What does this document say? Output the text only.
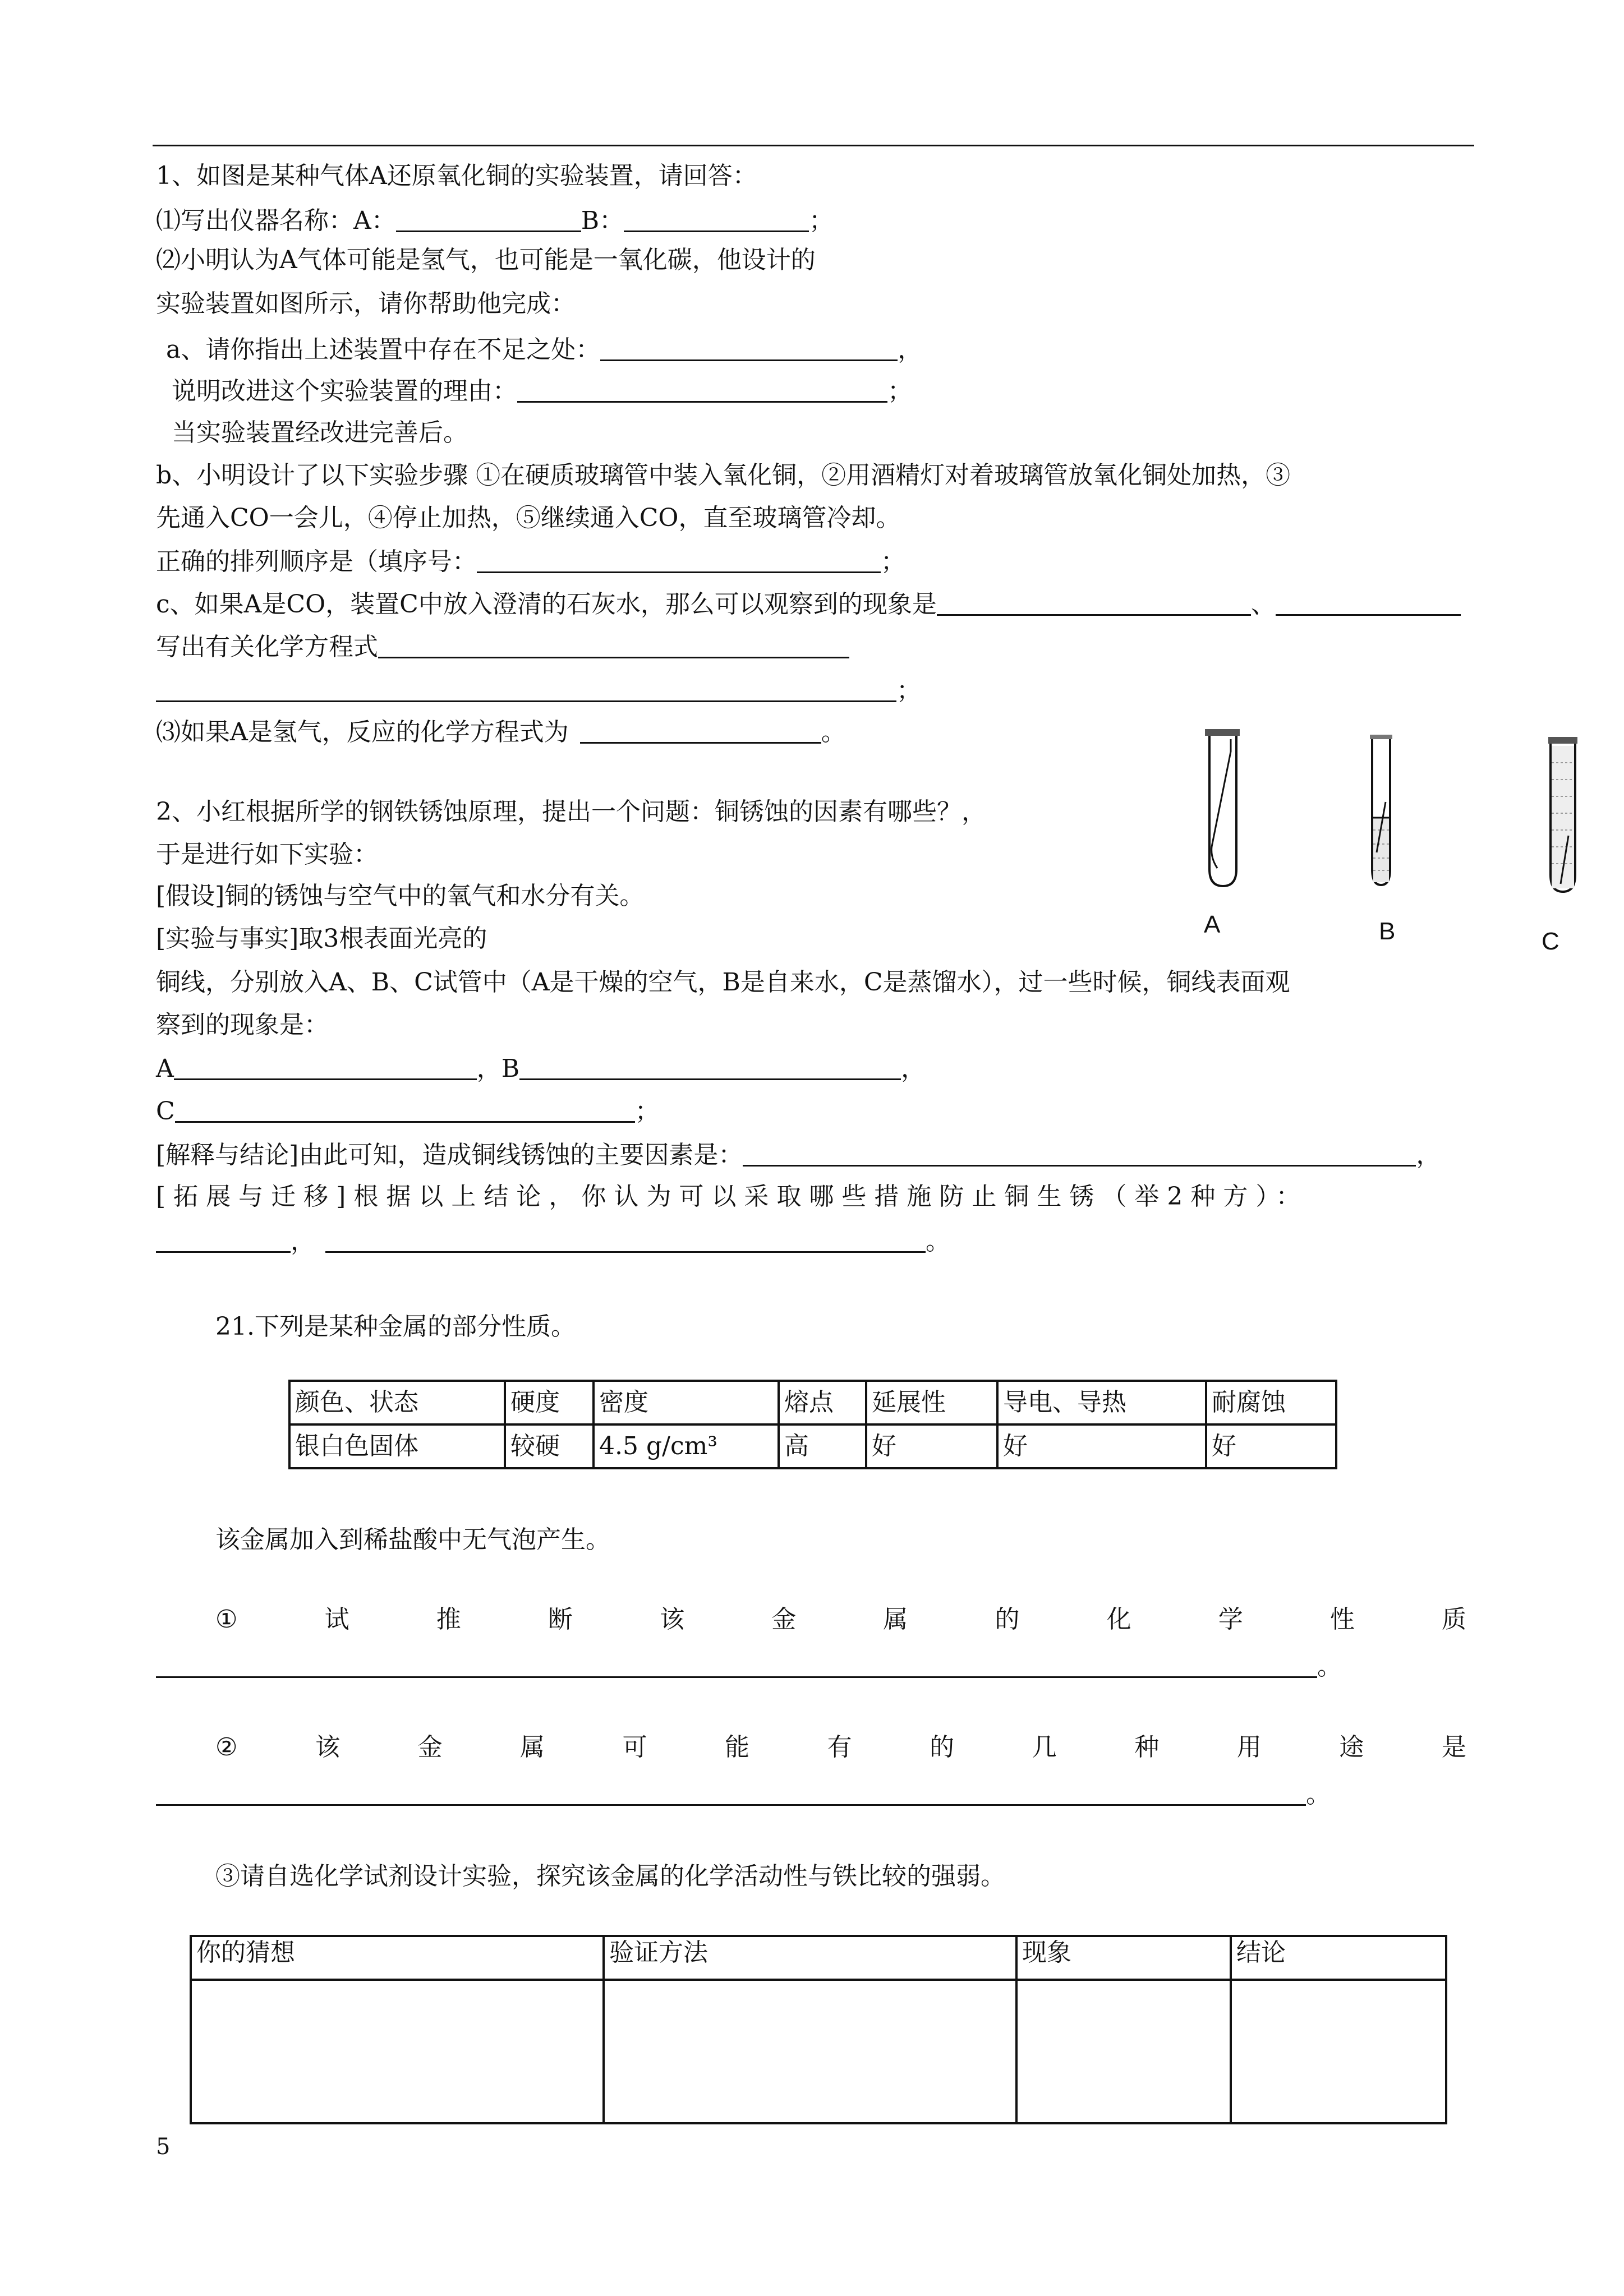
1、如图是某种气体A还原氧化铜的实验装置，请回答：
⑴写出仪器名称：A：	B：	；
⑵小明认为A气体可能是氢气，也可能是一氧化碳，他设计的
实验装置如图所示，请你帮助他完成：
a、请你指出上述装置中存在不足之处：	，
说明改进这个实验装置的理由：	；
当实验装置经改进完善后。
b、小明设计了以下实验步骤 ①在硬质玻璃管中装入氧化铜，②用酒精灯对着玻璃管放氧化铜处加热，③
先通入CO一会儿，④停止加热，⑤继续通入CO，直至玻璃管冷却。
正确的排列顺序是（填序号：	；
c、如果A是CO，装置C中放入澄清的石灰水，那么可以观察到的现象是	、
写出有关化学方程式
；
⑶如果A是氢气，反应的化学方程式为	。
A	B	C
2、小红根据所学的钢铁锈蚀原理，提出一个问题：铜锈蚀的因素有哪些？，
于是进行如下实验：
[假设]铜的锈蚀与空气中的氧气和水分有关。
[实验与事实]取3根表面光亮的
铜线，分别放入A、B、C试管中（A是干燥的空气，B是自来水，C是蒸馏水），过一些时候，铜线表面观
察到的现象是：
A	，B	，
C	；
[解释与结论]由此可知，造成铜线锈蚀的主要因素是：	，
[拓展与迁移]根据以上结论，你认为可以采取哪些措施防止铜生锈（举2种方）：
，	。
21.下列是某种金属的部分性质。
颜色、状态	硬度	密度	熔点	延展性	导电、导热	耐腐蚀
银白色固体	较硬	4.5 g/cm³	高	好	好	好
该金属加入到稀盐酸中无气泡产生。
①	试	推	断	该	金	属	的	化	学	性	质
。
②	该	金	属	可	能	有	的	几	种	用	途	是
。
③请自选化学试剂设计实验，探究该金属的化学活动性与铁比较的强弱。
你的猜想	验证方法	现象	结论

5
